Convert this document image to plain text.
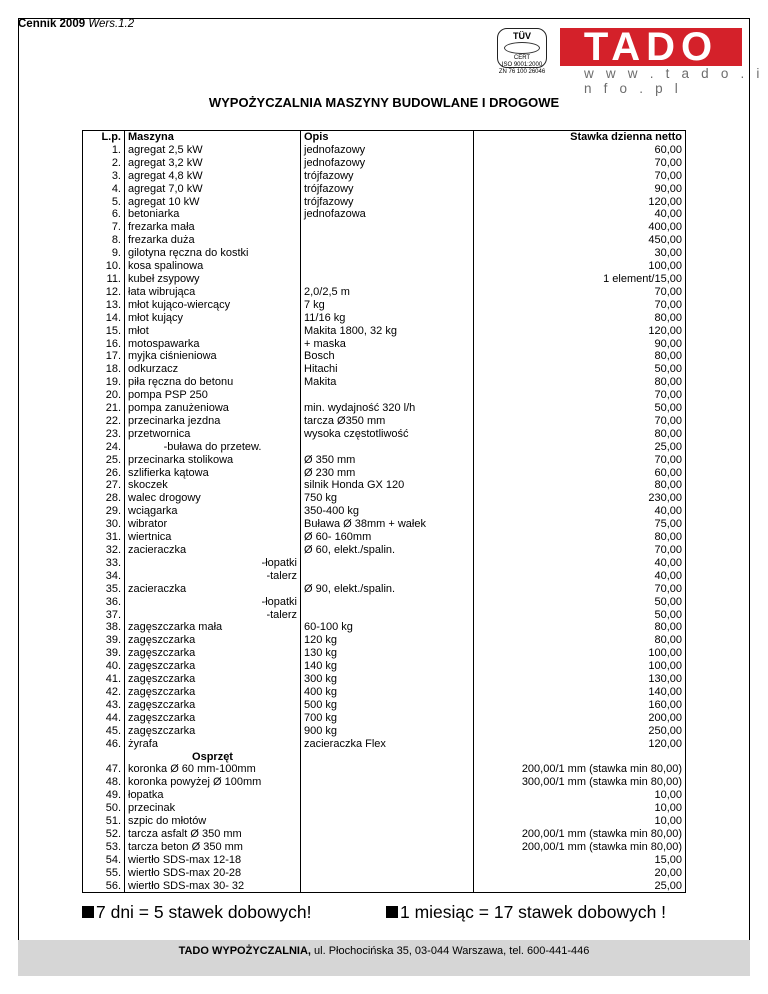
Cennik 2009 Wers.1.2
TÜV
CERT
ISO 9001:2000
ZN 76 100 26046
TADO
w w w . t a d o . i n f o . p l
WYPOŻYCZALNIA MASZYNY BUDOWLANE I DROGOWE
L.p.	Maszyna	Opis	Stawka dzienna netto
1.	agregat 2,5 kW	jednofazowy	60,00
2.	agregat 3,2 kW	jednofazowy	70,00
3.	agregat 4,8 kW	trójfazowy	70,00
4.	agregat 7,0 kW	trójfazowy	90,00
5.	agregat 10 kW	trójfazowy	120,00
6.	betoniarka	jednofazowa	40,00
7.	frezarka mała		400,00
8.	frezarka duża		450,00
9.	gilotyna ręczna do kostki		30,00
10.	kosa spalinowa		100,00
11.	kubeł zsypowy		1 element/15,00
12.	łata wibrująca	2,0/2,5 m	70,00
13.	młot kująco-wiercący	7 kg	70,00
14.	młot kujący	11/16 kg	80,00
15.	młot	Makita 1800, 32 kg	120,00
16.	motospawarka	+ maska	90,00
17.	myjka ciśnieniowa	Bosch	80,00
18.	odkurzacz	Hitachi	50,00
19.	piła ręczna do betonu	Makita	80,00
20.	pompa PSP 250		70,00
21.	pompa zanużeniowa	min. wydajność 320 l/h	50,00
22.	przecinarka jezdna	tarcza Ø350 mm	70,00
23.	przetwornica	wysoka częstotliwość	80,00
24.	-buława do przetew.		25,00
25.	przecinarka stolikowa	Ø 350 mm	70,00
26.	szlifierka kątowa	Ø 230 mm	60,00
27.	skoczek	silnik Honda GX 120	80,00
28.	walec drogowy	750 kg	230,00
29.	wciągarka	350-400 kg	40,00
30.	wibrator	Buława Ø 38mm + wałek	75,00
31.	wiertnica	Ø 60- 160mm	80,00
32.	zacieraczka	Ø 60, elekt./spalin.	70,00
33.	-łopatki		40,00
34.	-talerz		40,00
35.	zacieraczka	Ø 90, elekt./spalin.	70,00
36.	-łopatki		50,00
37.	-talerz		50,00
38.	zagęszczarka mała	60-100 kg	80,00
39.	zagęszczarka	120 kg	80,00
39.	zagęszczarka	130 kg	100,00
40.	zagęszczarka	140 kg	100,00
41.	zagęszczarka	300 kg	130,00
42.	zagęszczarka	400 kg	140,00
43.	zagęszczarka	500 kg	160,00
44.	zagęszczarka	700 kg	200,00
45.	zagęszczarka	900 kg	250,00
46.	żyrafa	zacieraczka Flex	120,00
	Osprzęt		
47.	koronka Ø 60 mm-100mm		200,00/1 mm (stawka min 80,00)
48.	koronka powyżej Ø 100mm		300,00/1 mm (stawka min 80,00)
49.	łopatka		10,00
50.	przecinak		10,00
51.	szpic do młotów		10,00
52.	tarcza asfalt Ø 350 mm		200,00/1 mm (stawka min 80,00)
53.	tarcza beton Ø 350 mm		200,00/1 mm (stawka min 80,00)
54.	wiertło SDS-max 12-18		15,00
55.	wiertło SDS-max 20-28		20,00
56.	wiertło SDS-max 30- 32		25,00
7 dni = 5 stawek dobowych!	1 miesiąc = 17 stawek dobowych !
TADO WYPOŻYCZALNIA, ul. Płochocińska 35, 03-044 Warszawa, tel. 600-441-446
